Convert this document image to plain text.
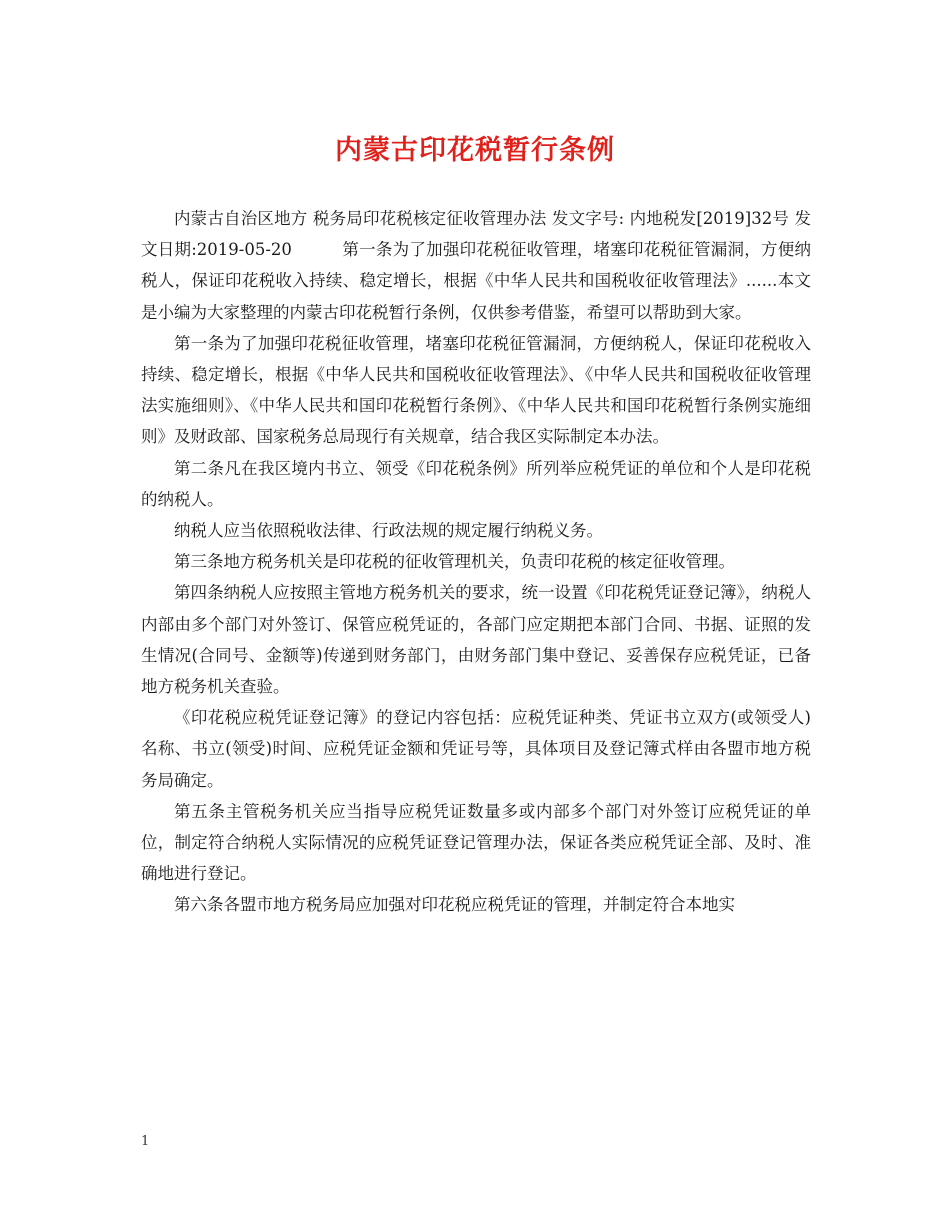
内蒙古印花税暂行条例

内蒙古自治区地方 税务局印花税核定征收管理办法 发文字号: 内地税发[2019]32号 发文日期:2019-05-20　　　第一条为了加强印花税征收管理，堵塞印花税征管漏洞，方便纳税人，保证印花税收入持续、稳定增长，根据《中华人民共和国税收征收管理法》......本文是小编为大家整理的内蒙古印花税暂行条例，仅供参考借鉴，希望可以帮助到大家。

第一条为了加强印花税征收管理，堵塞印花税征管漏洞，方便纳税人，保证印花税收入持续、稳定增长，根据《中华人民共和国税收征收管理法》、《中华人民共和国税收征收管理法实施细则》、《中华人民共和国印花税暂行条例》、《中华人民共和国印花税暂行条例实施细则》及财政部、国家税务总局现行有关规章，结合我区实际制定本办法。

第二条凡在我区境内书立、领受《印花税条例》所列举应税凭证的单位和个人是印花税的纳税人。

纳税人应当依照税收法律、行政法规的规定履行纳税义务。

第三条地方税务机关是印花税的征收管理机关，负责印花税的核定征收管理。

第四条纳税人应按照主管地方税务机关的要求，统一设置《印花税凭证登记簿》，纳税人内部由多个部门对外签订、保管应税凭证的，各部门应定期把本部门合同、书据、证照的发生情况(合同号、金额等)传递到财务部门，由财务部门集中登记、妥善保存应税凭证，已备地方税务机关查验。

《印花税应税凭证登记簿》的登记内容包括：应税凭证种类、凭证书立双方(或领受人)名称、书立(领受)时间、应税凭证金额和凭证号等，具体项目及登记簿式样由各盟市地方税务局确定。

第五条主管税务机关应当指导应税凭证数量多或内部多个部门对外签订应税凭证的单位，制定符合纳税人实际情况的应税凭证登记管理办法，保证各类应税凭证全部、及时、准确地进行登记。

第六条各盟市地方税务局应加强对印花税应税凭证的管理，并制定符合本地实

1
